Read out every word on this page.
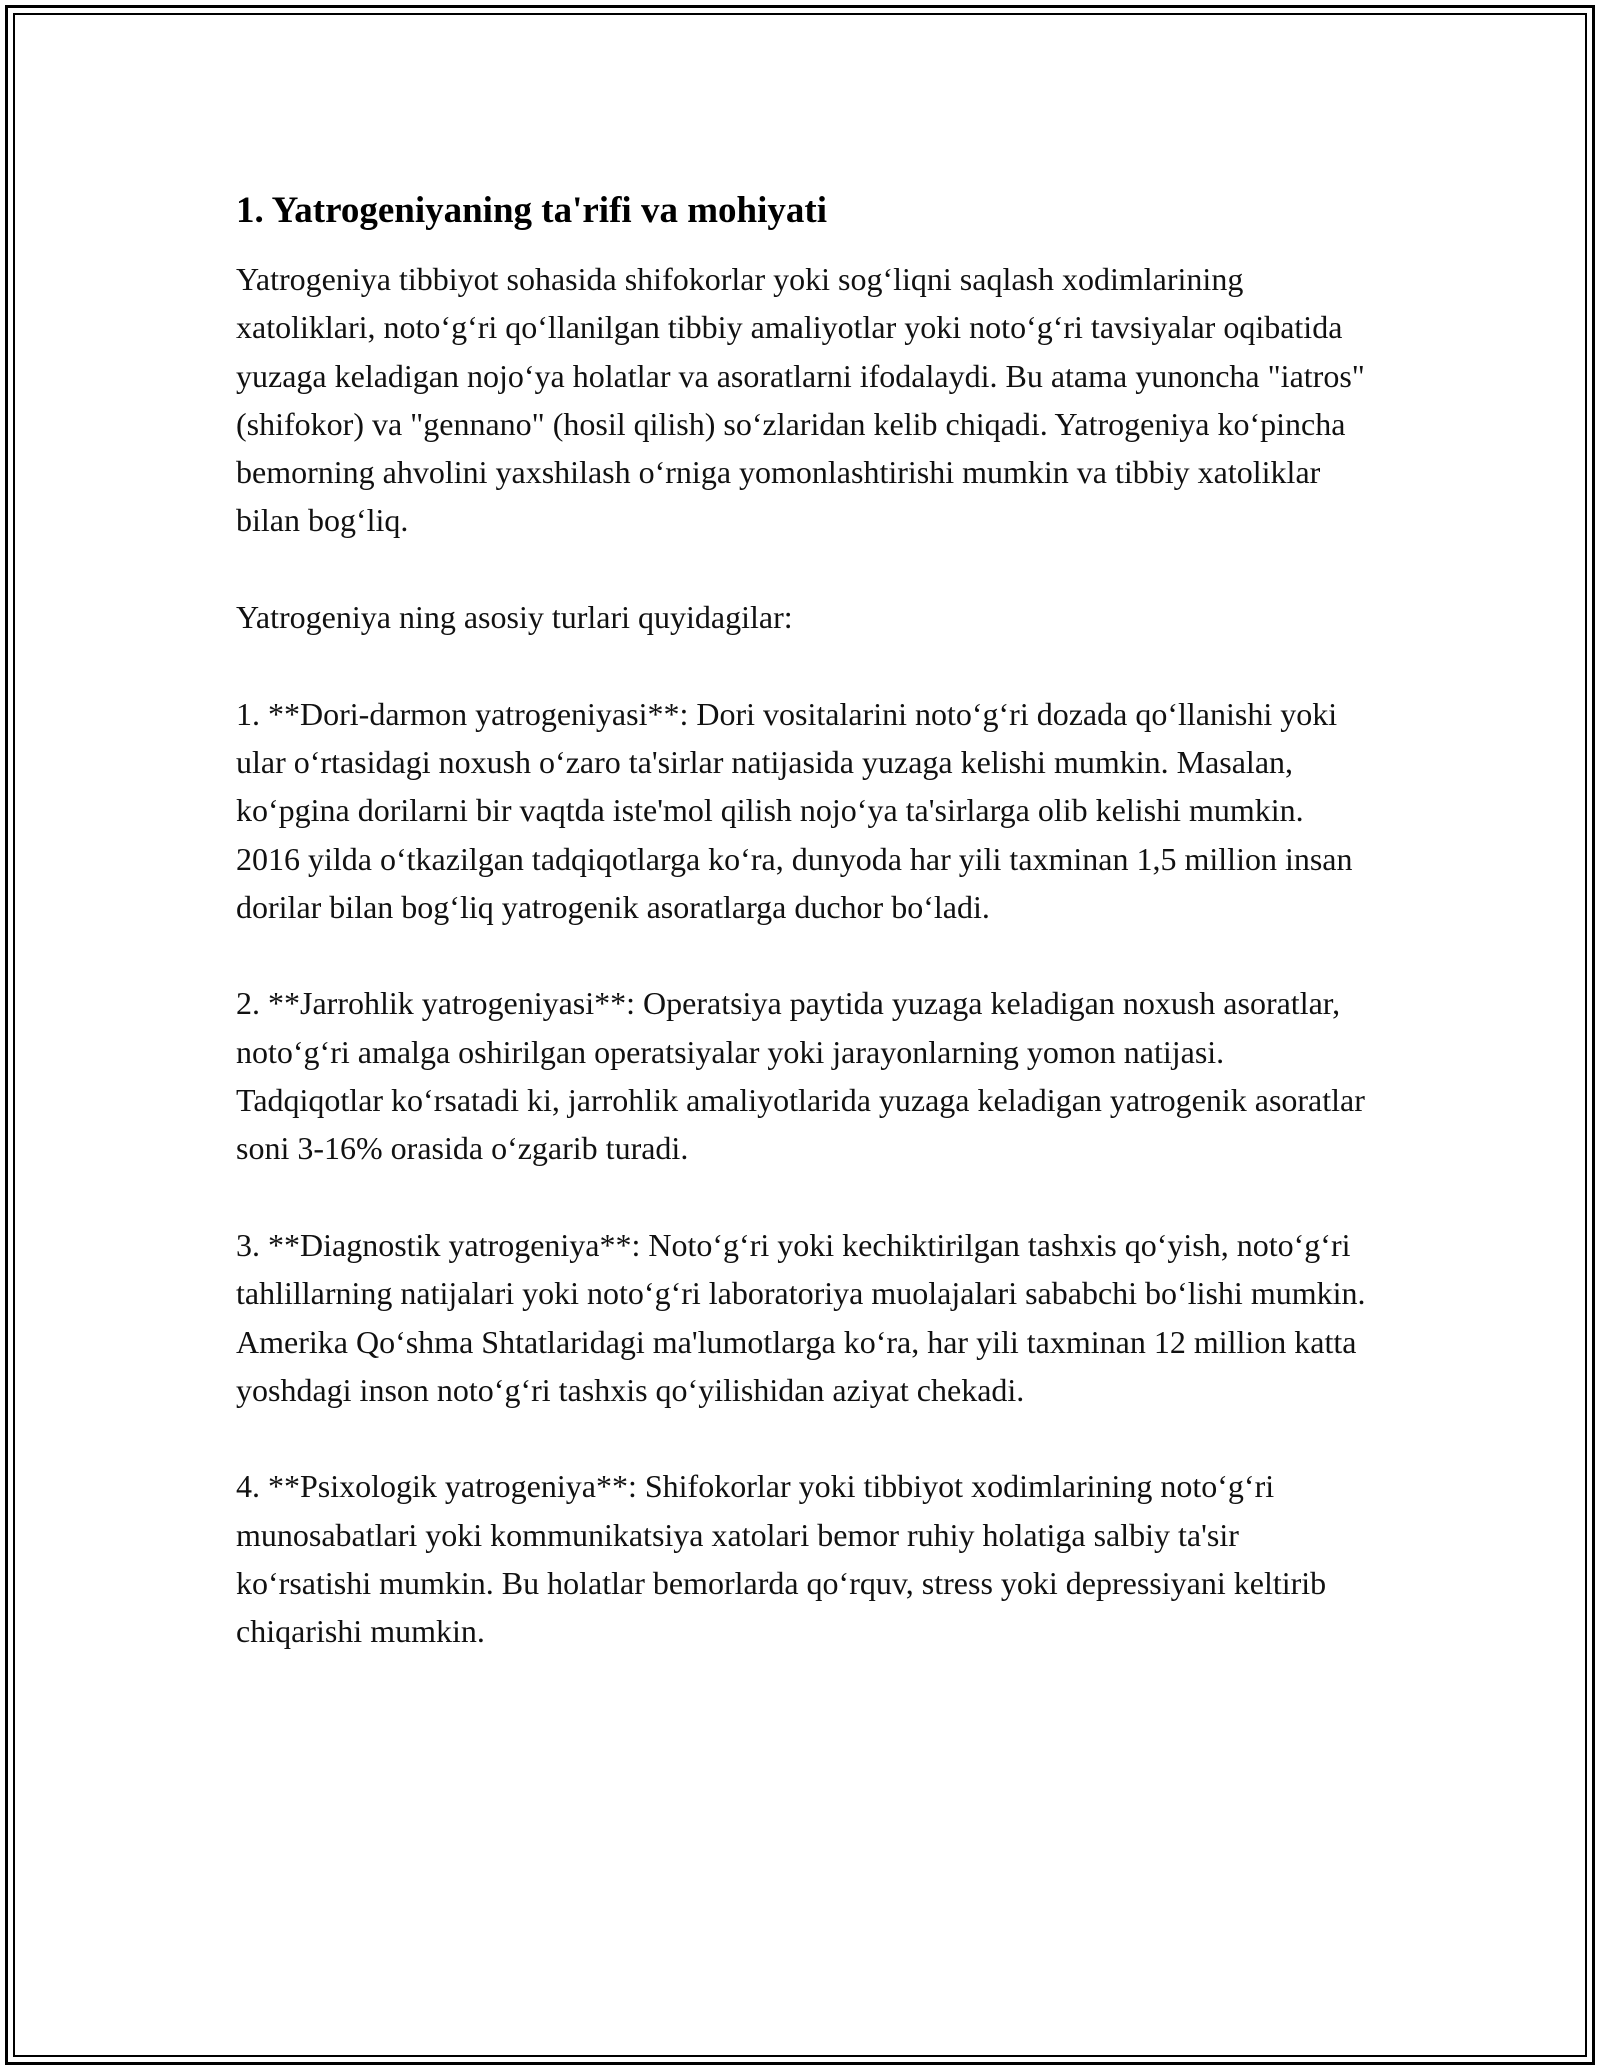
1. Yatrogeniyaning ta'rifi va mohiyati

Yatrogeniya tibbiyot sohasida shifokorlar yoki sog‘liqni saqlash xodimlarining xatoliklari, noto‘g‘ri qo‘llanilgan tibbiy amaliyotlar yoki noto‘g‘ri tavsiyalar oqibatida yuzaga keladigan nojo‘ya holatlar va asoratlarni ifodalaydi. Bu atama yunoncha "iatros" (shifokor) va "gennano" (hosil qilish) so‘zlaridan kelib chiqadi. Yatrogeniya ko‘pincha bemorning ahvolini yaxshilash o‘rniga yomonlashtirishi mumkin va tibbiy xatoliklar bilan bog‘liq.

Yatrogeniya ning asosiy turlari quyidagilar:

1. **Dori-darmon yatrogeniyasi**: Dori vositalarini noto‘g‘ri dozada qo‘llanishi yoki ular o‘rtasidagi noxush o‘zaro ta'sirlar natijasida yuzaga kelishi mumkin. Masalan, ko‘pgina dorilarni bir vaqtda iste'mol qilish nojo‘ya ta'sirlarga olib kelishi mumkin. 2016 yilda o‘tkazilgan tadqiqotlarga ko‘ra, dunyoda har yili taxminan 1,5 million insan dorilar bilan bog‘liq yatrogenik asoratlarga duchor bo‘ladi.

2. **Jarrohlik yatrogeniyasi**: Operatsiya paytida yuzaga keladigan noxush asoratlar, noto‘g‘ri amalga oshirilgan operatsiyalar yoki jarayonlarning yomon natijasi. Tadqiqotlar ko‘rsatadi ki, jarrohlik amaliyotlarida yuzaga keladigan yatrogenik asoratlar soni 3-16% orasida o‘zgarib turadi.

3. **Diagnostik yatrogeniya**: Noto‘g‘ri yoki kechiktirilgan tashxis qo‘yish, noto‘g‘ri tahlillarning natijalari yoki noto‘g‘ri laboratoriya muolajalari sababchi bo‘lishi mumkin. Amerika Qo‘shma Shtatlaridagi ma'lumotlarga ko‘ra, har yili taxminan 12 million katta yoshdagi inson noto‘g‘ri tashxis qo‘yilishidan aziyat chekadi.

4. **Psixologik yatrogeniya**: Shifokorlar yoki tibbiyot xodimlarining noto‘g‘ri munosabatlari yoki kommunikatsiya xatolari bemor ruhiy holatiga salbiy ta'sir ko‘rsatishi mumkin. Bu holatlar bemorlarda qo‘rquv, stress yoki depressiyani keltirib chiqarishi mumkin.
